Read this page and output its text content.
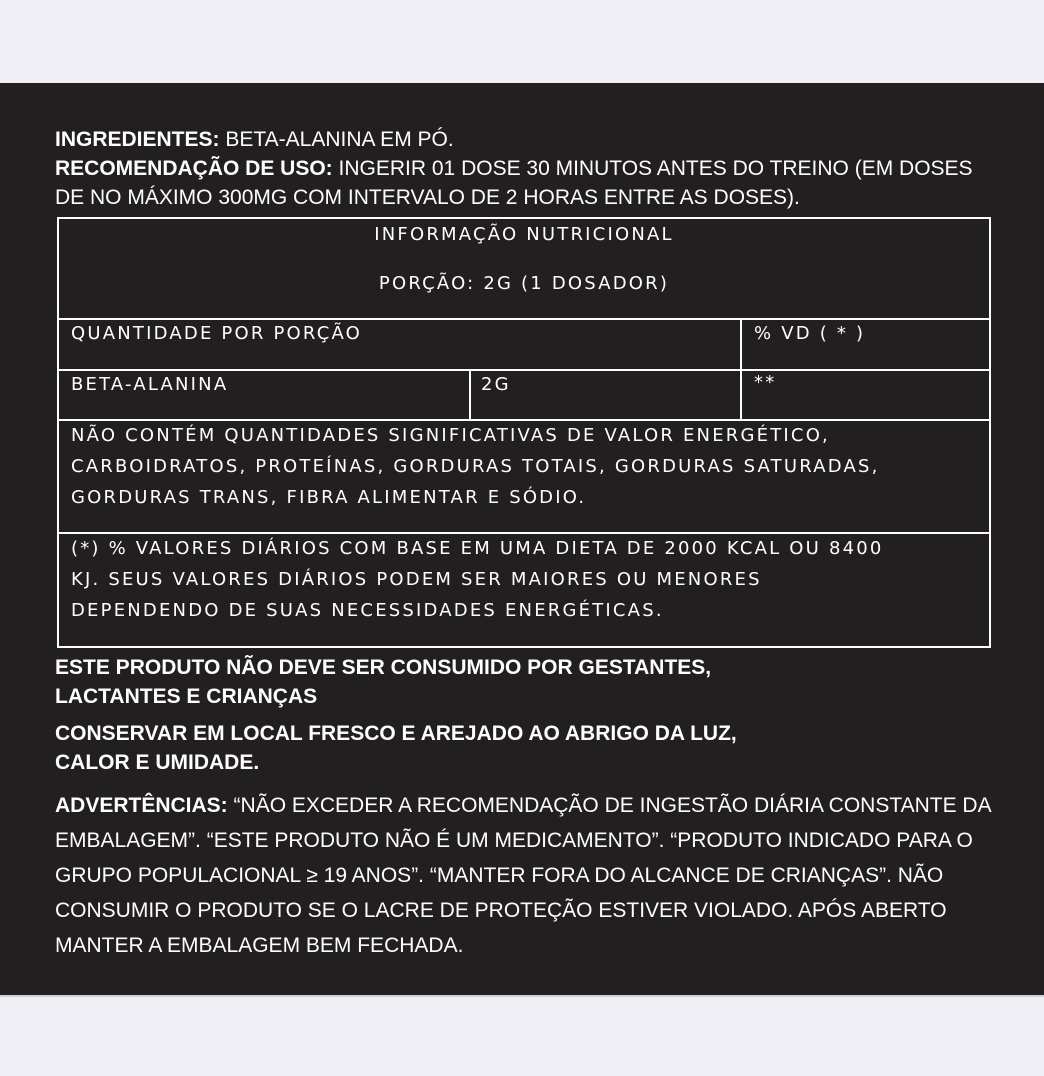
INGREDIENTES: BETA-ALANINA EM PÓ.

RECOMENDAÇÃO DE USO: INGERIR 01 DOSE 30 MINUTOS ANTES DO TREINO (EM DOSES DE NO MÁXIMO 300MG COM INTERVALO DE 2 HORAS ENTRE AS DOSES).

INFORMAÇÃO NUTRICIONAL
PORÇÃO: 2G (1 DOSADOR)
QUANTIDADE POR PORÇÃO	% VD ( * )
BETA-ALANINA	2G	**
NÃO CONTÉM QUANTIDADES SIGNIFICATIVAS DE VALOR ENERGÉTICO,
CARBOIDRATOS, PROTEÍNAS, GORDURAS TOTAIS, GORDURAS SATURADAS,
GORDURAS TRANS, FIBRA ALIMENTAR E SÓDIO.
(*) % VALORES DIÁRIOS COM BASE EM UMA DIETA DE 2000 KCAL OU 8400
KJ. SEUS VALORES DIÁRIOS PODEM SER MAIORES OU MENORES
DEPENDENDO DE SUAS NECESSIDADES ENERGÉTICAS.

ESTE PRODUTO NÃO DEVE SER CONSUMIDO POR GESTANTES, LACTANTES E CRIANÇAS

CONSERVAR EM LOCAL FRESCO E AREJADO AO ABRIGO DA LUZ, CALOR E UMIDADE.

ADVERTÊNCIAS: “NÃO EXCEDER A RECOMENDAÇÃO DE INGESTÃO DIÁRIA CONSTANTE DA EMBALAGEM”. “ESTE PRODUTO NÃO É UM MEDICAMENTO”. “PRODUTO INDICADO PARA O GRUPO POPULACIONAL ≥ 19 ANOS”. “MANTER FORA DO ALCANCE DE CRIANÇAS”. NÃO CONSUMIR O PRODUTO SE O LACRE DE PROTEÇÃO ESTIVER VIOLADO. APÓS ABERTO MANTER A EMBALAGEM BEM FECHADA.
